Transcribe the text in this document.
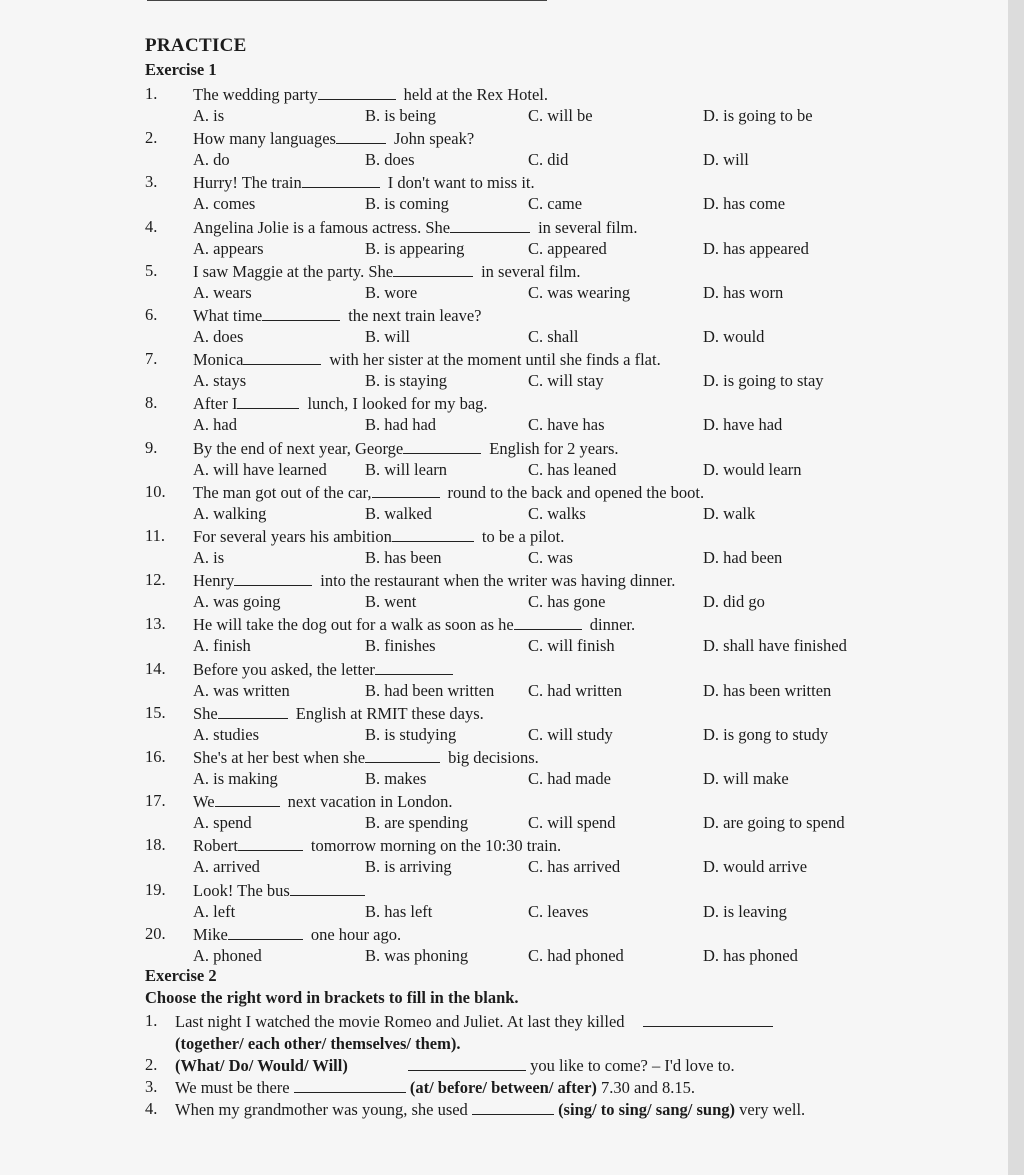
PRACTICE
Exercise 1
1. The wedding party	held at the Rex Hotel.
A. is	B. is being	C. will be	D. is going to be
2. How many languages	John speak?
A. do	B. does	C. did	D. will
3. Hurry! The train	I don't want to miss it.
A. comes	B. is coming	C. came	D. has come
4. Angelina Jolie is a famous actress. She	in several film.
A. appears	B. is appearing	C. appeared	D. has appeared
5. I saw Maggie at the party. She	in several film.
A. wears	B. wore	C. was wearing	D. has worn
6. What time	the next train leave?
A. does	B. will	C. shall	D. would
7. Monica	with her sister at the moment until she finds a flat.
A. stays	B. is staying	C. will stay	D. is going to stay
8. After I	lunch, I looked for my bag.
A. had	B. had had	C. have has	D. have had
9. By the end of next year, George	English for 2 years.
A. will have learned B. will learn	C. has leaned	D. would learn
10. The man got out of the car,	round to the back and opened the boot.
A. walking	B. walked	C. walks	D. walk
11. For several years his ambition	to be a pilot.
A. is	B. has been	C. was	D. had been
12. Henry	into the restaurant when the writer was having dinner.
A. was going	B. went	C. has gone	D. did go
13. He will take the dog out for a walk as soon as he	dinner.
A. finish	B. finishes	C. will finish	D. shall have finished
14. Before you asked, the letter
A. was written	B. had been written C. had written	D. has been written
15. She	English at RMIT these days.
A. studies	B. is studying	C. will study	D. is gong to study
16. She's at her best when she	big decisions.
A. is making	B. makes	C. had made	D. will make
17. We	next vacation in London.
A. spend	B. are spending	C. will spend	D. are going to spend
18. Robert	tomorrow morning on the 10:30 train.
A. arrived	B. is arriving	C. has arrived	D. would arrive
19. Look! The bus
A. left	B. has left	C. leaves	D. is leaving
20. Mike	one hour ago.
A. phoned	B. was phoning	C. had phoned	D. has phoned
Exercise 2
Choose the right word in brackets to fill in the blank.
1. Last night I watched the movie Romeo and Juliet. At last they killed
(together/ each other/ themselves/ them).
2. (What/ Do/ Would/ Will)	you like to come? – I'd love to.
3. We must be there	(at/ before/ between/ after) 7.30 and 8.15.
4. When my grandmother was young, she used	(sing/ to sing/ sang/ sung) very well.
